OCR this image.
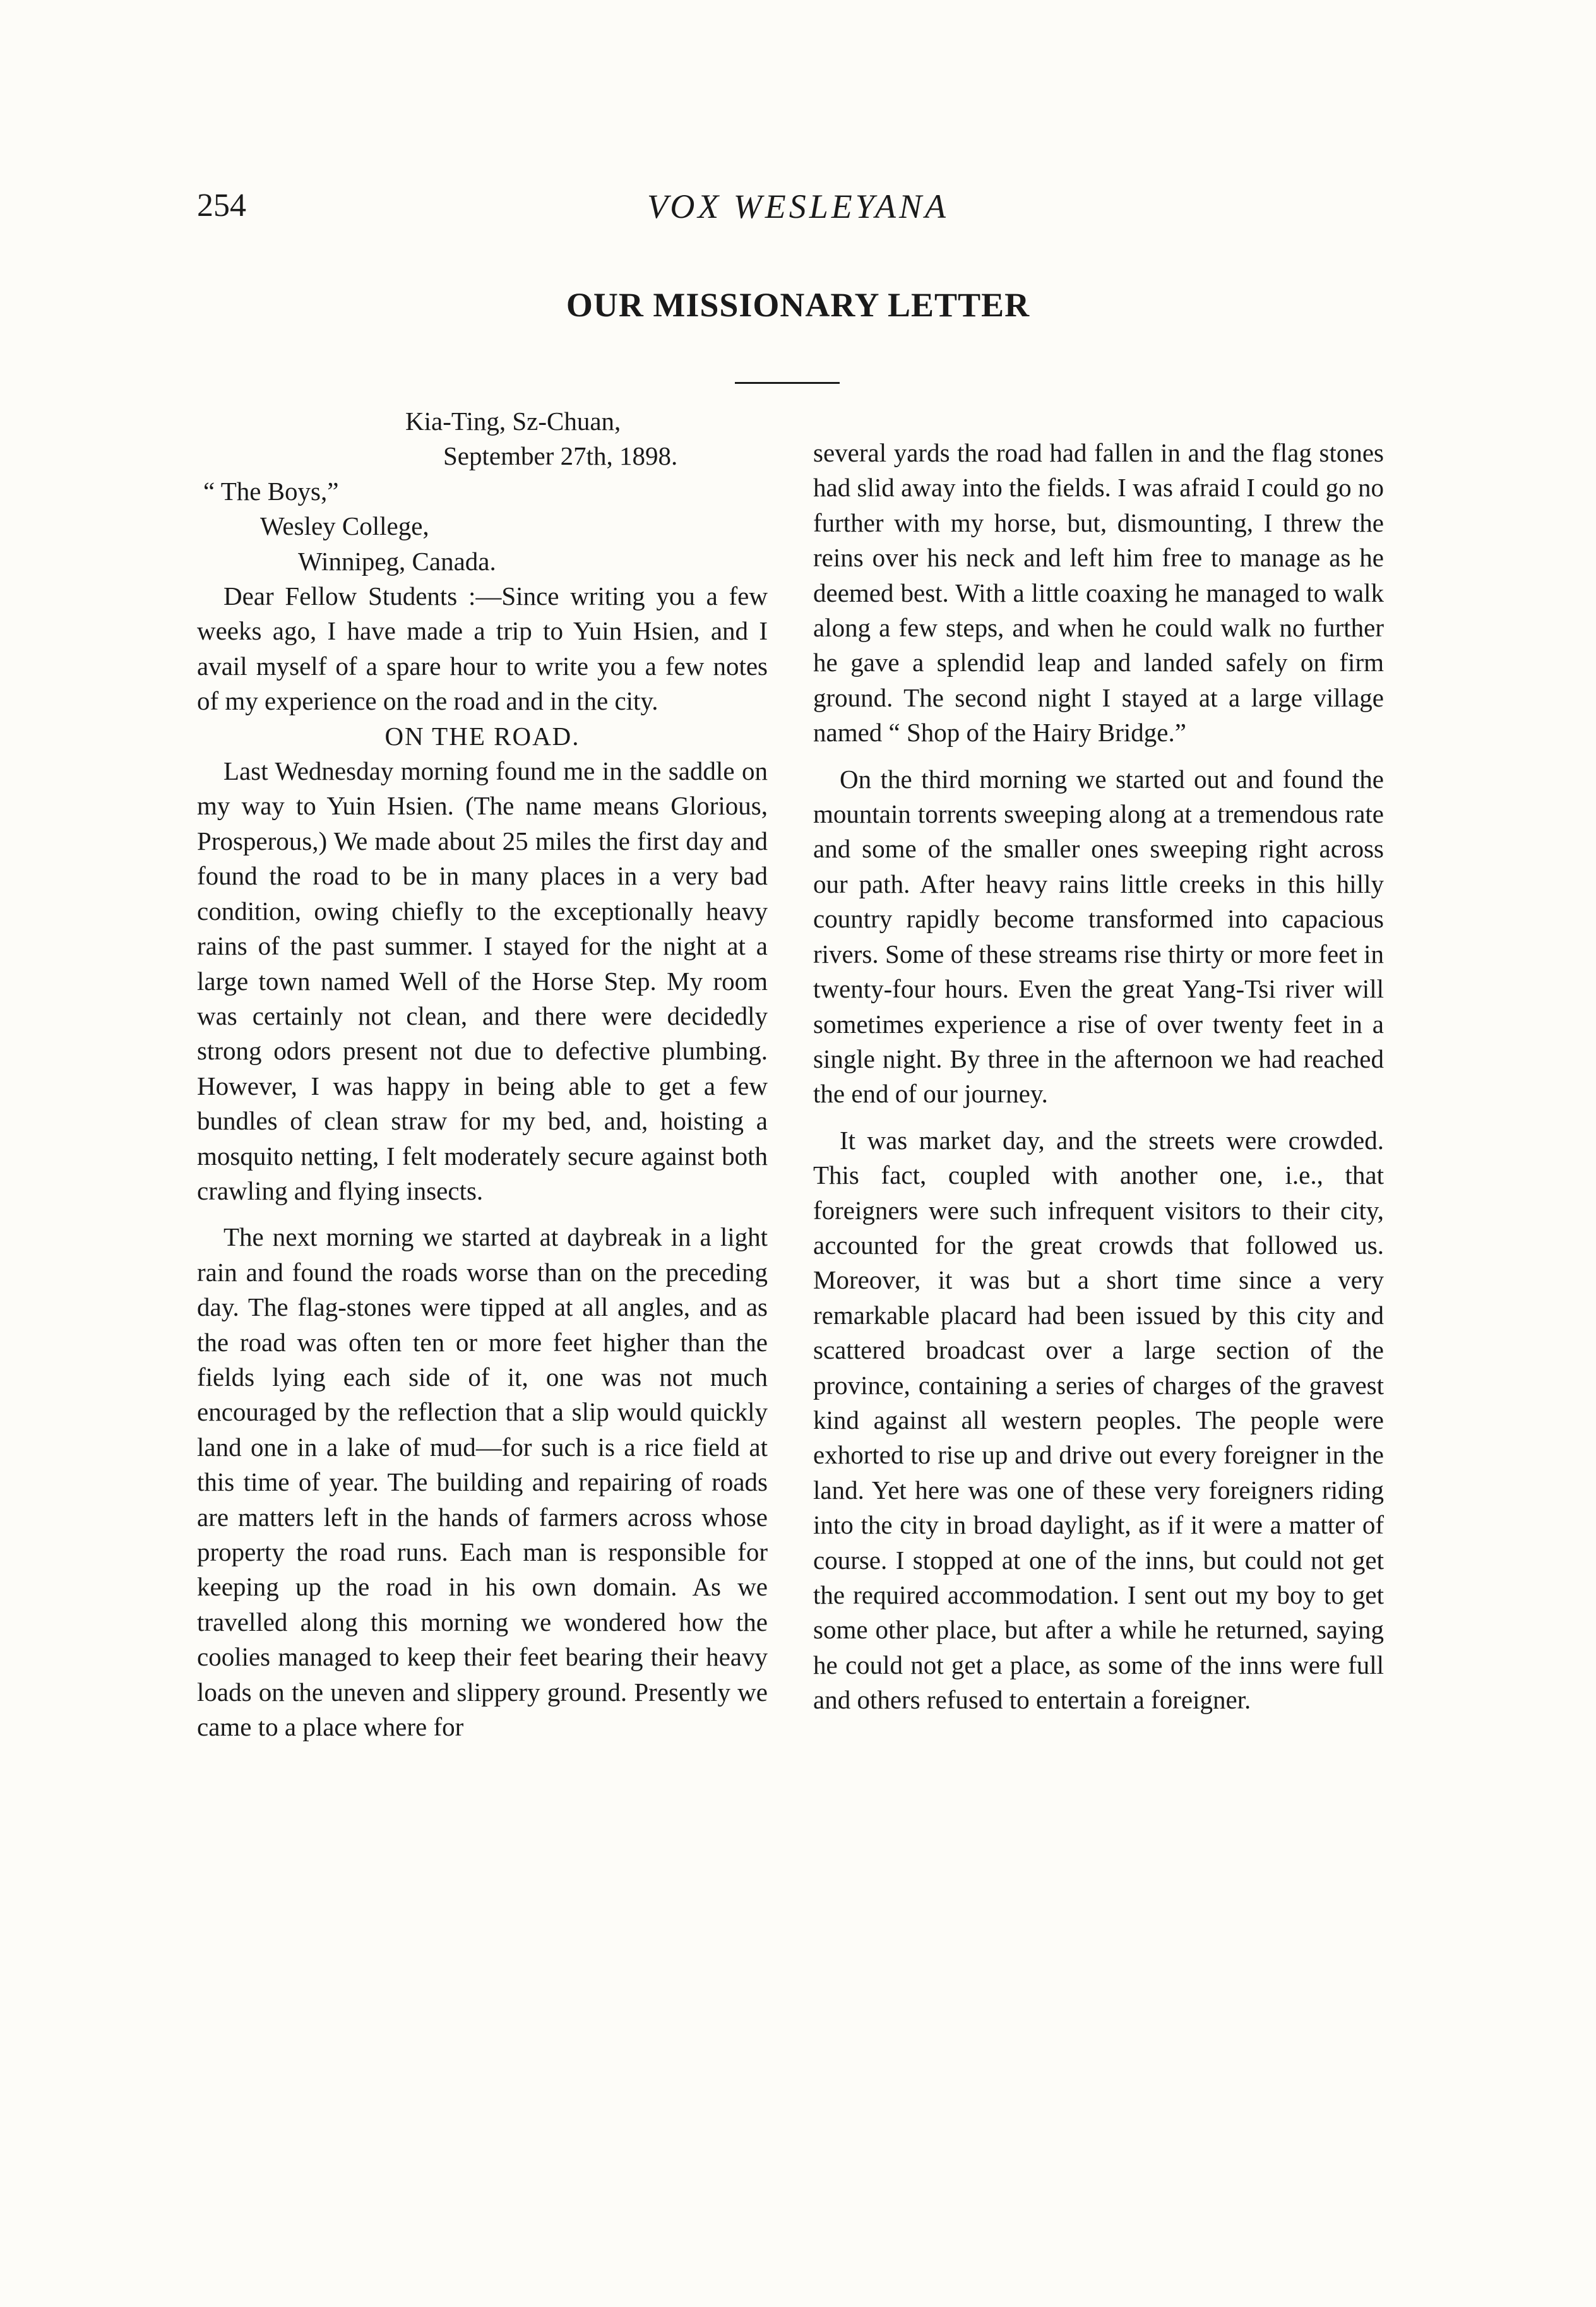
254	VOX WESLEYANA
OUR MISSIONARY LETTER
Kia-Ting, Sz-Chuan,
September 27th, 1898.
“ The Boys,”
Wesley College,
Winnipeg, Canada.

Dear Fellow Students :—Since writing you a few weeks ago, I have made a trip to Yuin Hsien, and I avail myself of a spare hour to write you a few notes of my experience on the road and in the city.

ON THE ROAD.

Last Wednesday morning found me in the saddle on my way to Yuin Hsien. (The name means Glorious, Prosperous,) We made about 25 miles the first day and found the road to be in many places in a very bad condition, owing chiefly to the exceptionally heavy rains of the past summer. I stayed for the night at a large town named Well of the Horse Step. My room was certainly not clean, and there were decidedly strong odors present not due to defective plumbing. However, I was happy in being able to get a few bundles of clean straw for my bed, and, hoisting a mosquito netting, I felt moderately secure against both crawling and flying insects.

The next morning we started at daybreak in a light rain and found the roads worse than on the preceding day. The flag-stones were tipped at all angles, and as the road was often ten or more feet higher than the fields lying each side of it, one was not much encouraged by the reflection that a slip would quickly land one in a lake of mud—for such is a rice field at this time of year. The building and repairing of roads are matters left in the hands of farmers across whose property the road runs. Each man is responsible for keeping up the road in his own domain. As we travelled along this morning we wondered how the coolies managed to keep their feet bearing their heavy loads on the uneven and slippery ground. Presently we came to a place where for

several yards the road had fallen in and the flag stones had slid away into the fields. I was afraid I could go no further with my horse, but, dismounting, I threw the reins over his neck and left him free to manage as he deemed best. With a little coaxing he managed to walk along a few steps, and when he could walk no further he gave a splendid leap and landed safely on firm ground. The second night I stayed at a large village named “ Shop of the Hairy Bridge.”

On the third morning we started out and found the mountain torrents sweeping along at a tremendous rate and some of the smaller ones sweeping right across our path. After heavy rains little creeks in this hilly country rapidly become transformed into capacious rivers. Some of these streams rise thirty or more feet in twenty-four hours. Even the great Yang-Tsi river will sometimes experience a rise of over twenty feet in a single night. By three in the afternoon we had reached the end of our journey.

It was market day, and the streets were crowded. This fact, coupled with another one, i.e., that foreigners were such infrequent visitors to their city, accounted for the great crowds that followed us. Moreover, it was but a short time since a very remarkable placard had been issued by this city and scattered broadcast over a large section of the province, containing a series of charges of the gravest kind against all western peoples. The people were exhorted to rise up and drive out every foreigner in the land. Yet here was one of these very foreigners riding into the city in broad daylight, as if it were a matter of course. I stopped at one of the inns, but could not get the required accommodation. I sent out my boy to get some other place, but after a while he returned, saying he could not get a place, as some of the inns were full and others refused to entertain a foreigner.
